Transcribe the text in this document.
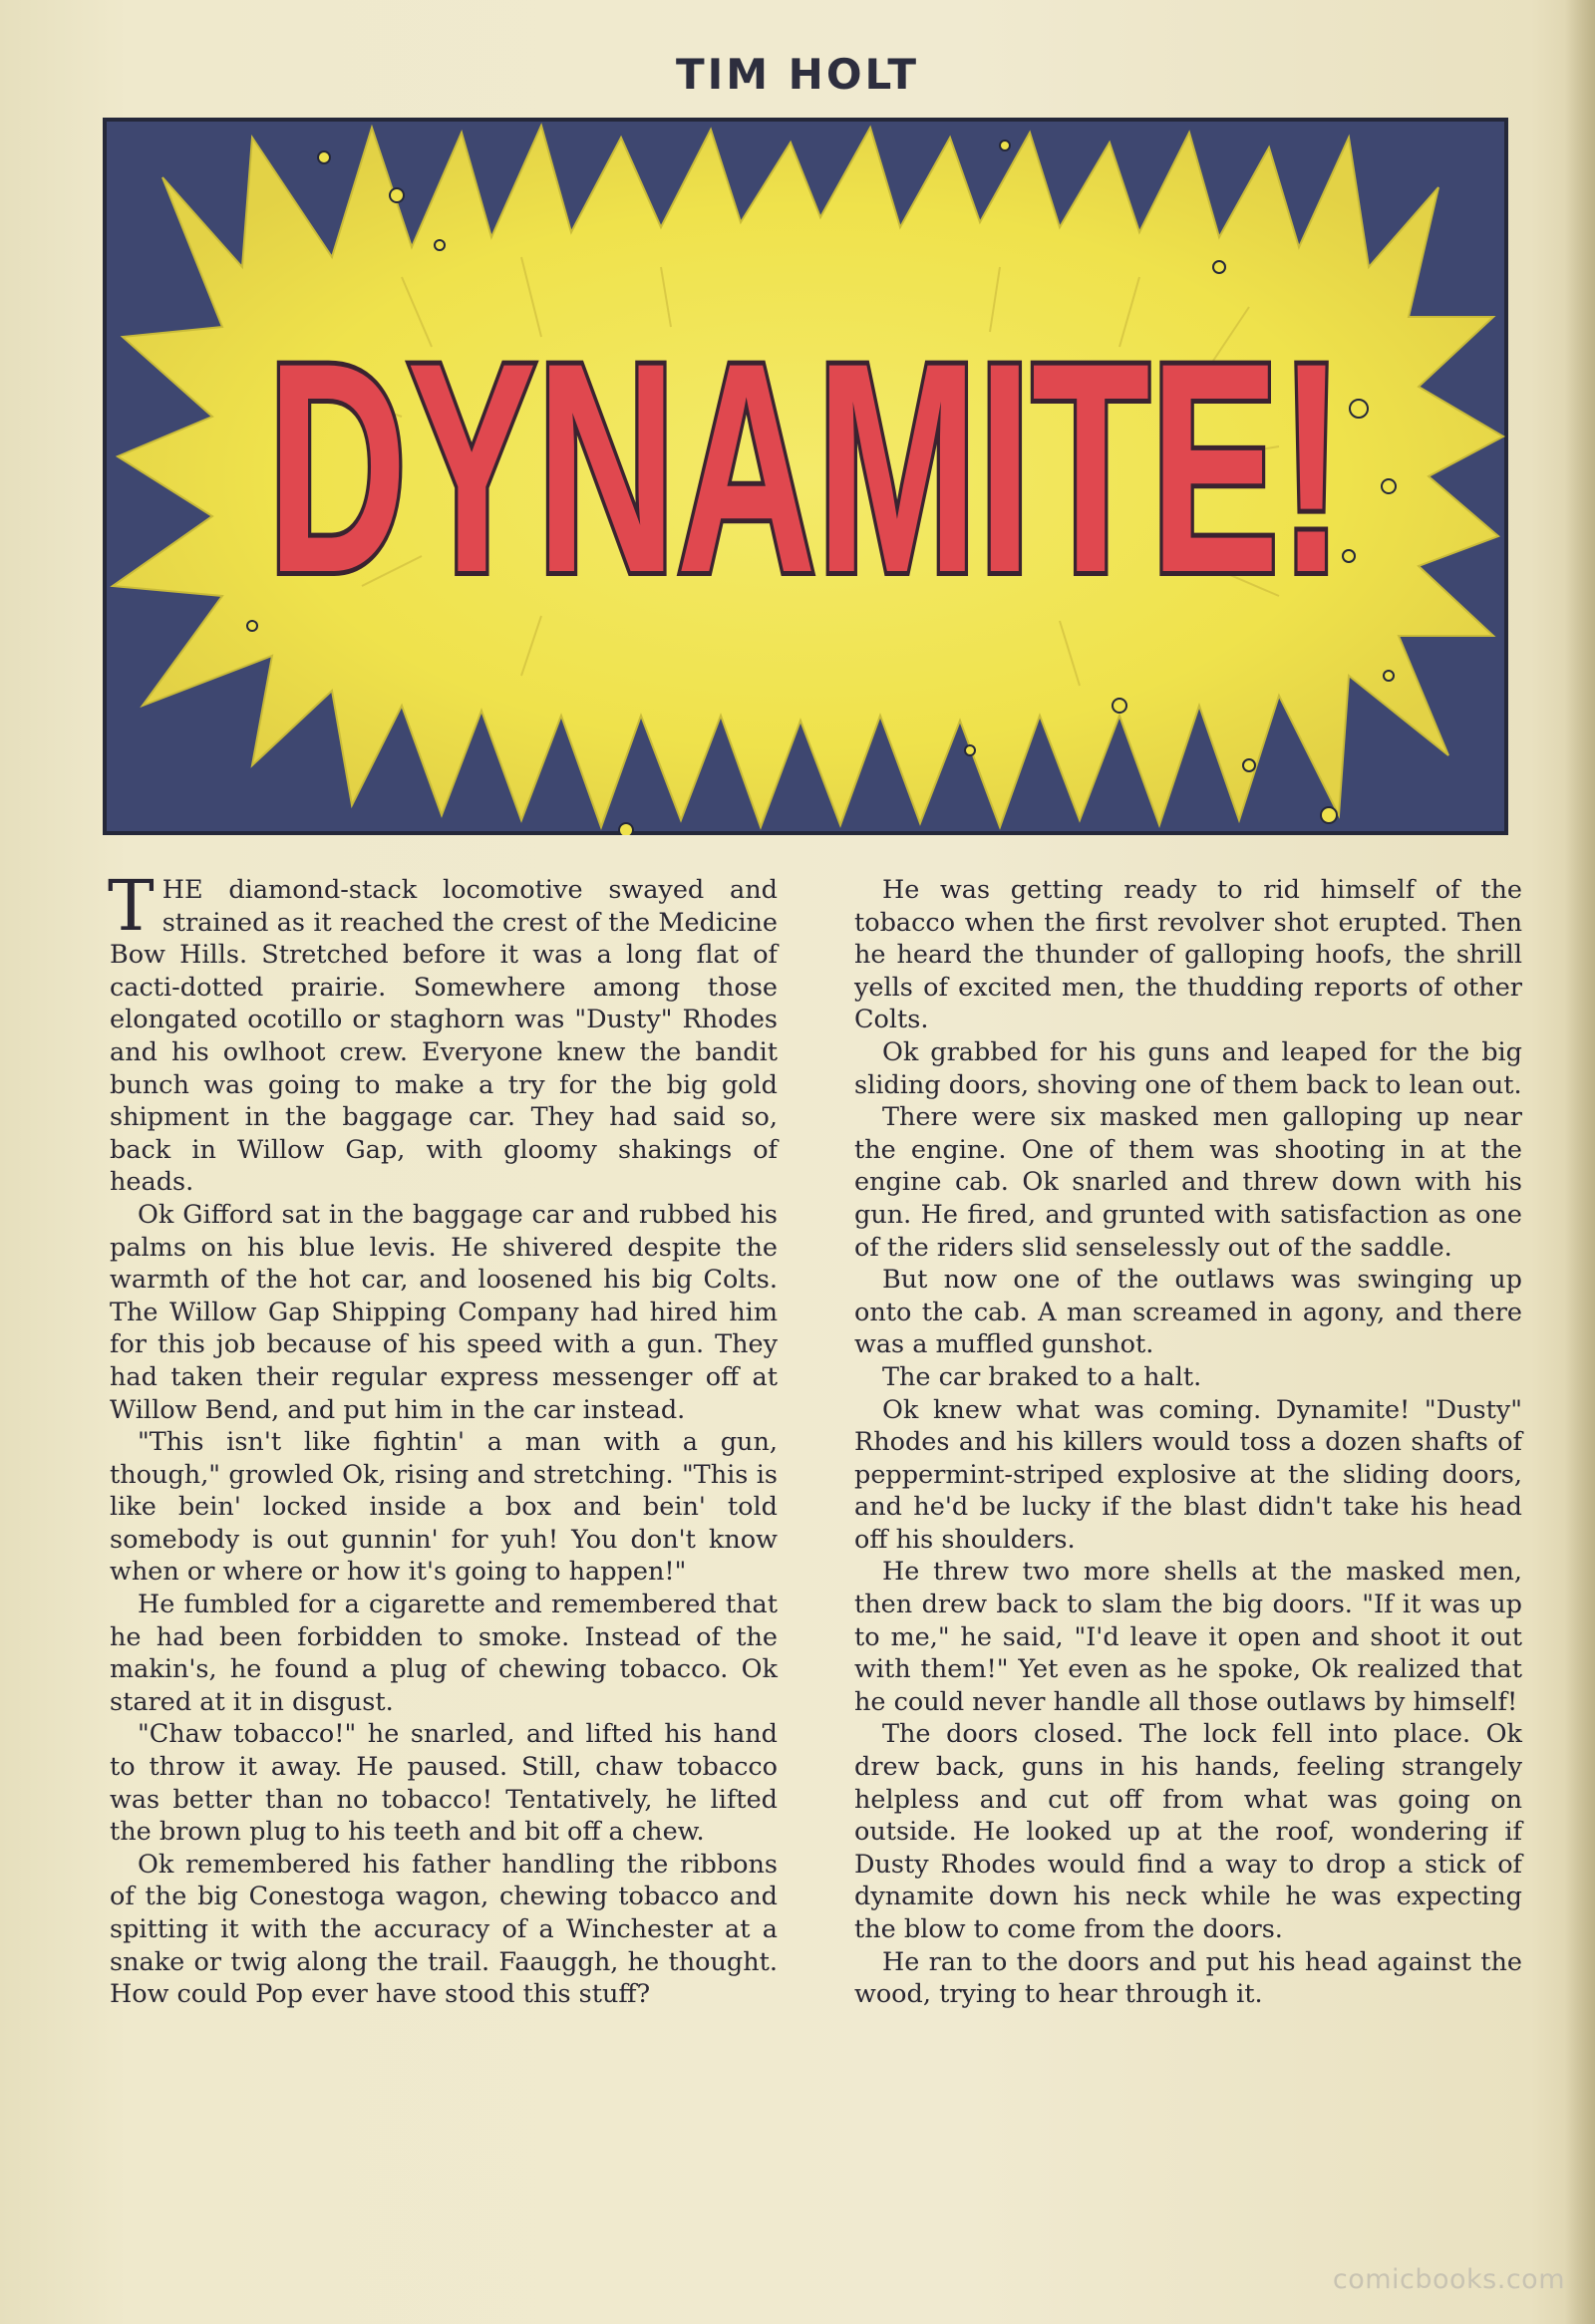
TIM HOLT
DYNAMITE!

THE diamond-stack locomotive swayed and strained as it reached the crest of the Medicine Bow Hills. Stretched before it was a long flat of cacti-dotted prairie. Somewhere among those elongated ocotillo or staghorn was "Dusty" Rhodes and his owlhoot crew. Everyone knew the bandit bunch was going to make a try for the big gold shipment in the baggage car. They had said so, back in Willow Gap, with gloomy shakings of heads.

Ok Gifford sat in the baggage car and rubbed his palms on his blue levis. He shivered despite the warmth of the hot car, and loosened his big Colts. The Willow Gap Shipping Company had hired him for this job because of his speed with a gun. They had taken their regular express messenger off at Willow Bend, and put him in the car instead.

"This isn't like fightin' a man with a gun, though," growled Ok, rising and stretching. "This is like bein' locked inside a box and bein' told somebody is out gunnin' for yuh! You don't know when or where or how it's going to happen!"

He fumbled for a cigarette and remembered that he had been forbidden to smoke. Instead of the makin's, he found a plug of chewing tobacco. Ok stared at it in disgust.

"Chaw tobacco!" he snarled, and lifted his hand to throw it away. He paused. Still, chaw tobacco was better than no tobacco! Tentatively, he lifted the brown plug to his teeth and bit off a chew.

Ok remembered his father handling the ribbons of the big Conestoga wagon, chewing tobacco and spitting it with the accuracy of a Winchester at a snake or twig along the trail. Faauggh, he thought. How could Pop ever have stood this stuff?

He was getting ready to rid himself of the tobacco when the first revolver shot erupted. Then he heard the thunder of galloping hoofs, the shrill yells of excited men, the thudding reports of other Colts.

Ok grabbed for his guns and leaped for the big sliding doors, shoving one of them back to lean out.

There were six masked men galloping up near the engine. One of them was shooting in at the engine cab. Ok snarled and threw down with his gun. He fired, and grunted with satisfaction as one of the riders slid senselessly out of the saddle.

But now one of the outlaws was swinging up onto the cab. A man screamed in agony, and there was a muffled gunshot.

The car braked to a halt.

Ok knew what was coming. Dynamite! "Dusty" Rhodes and his killers would toss a dozen shafts of peppermint-striped explosive at the sliding doors, and he'd be lucky if the blast didn't take his head off his shoulders.

He threw two more shells at the masked men, then drew back to slam the big doors. "If it was up to me," he said, "I'd leave it open and shoot it out with them!" Yet even as he spoke, Ok realized that he could never handle all those outlaws by himself!

The doors closed. The lock fell into place. Ok drew back, guns in his hands, feeling strangely helpless and cut off from what was going on outside. He looked up at the roof, wondering if Dusty Rhodes would find a way to drop a stick of dynamite down his neck while he was expecting the blow to come from the doors.

He ran to the doors and put his head against the wood, trying to hear through it.

comicbooks.com
